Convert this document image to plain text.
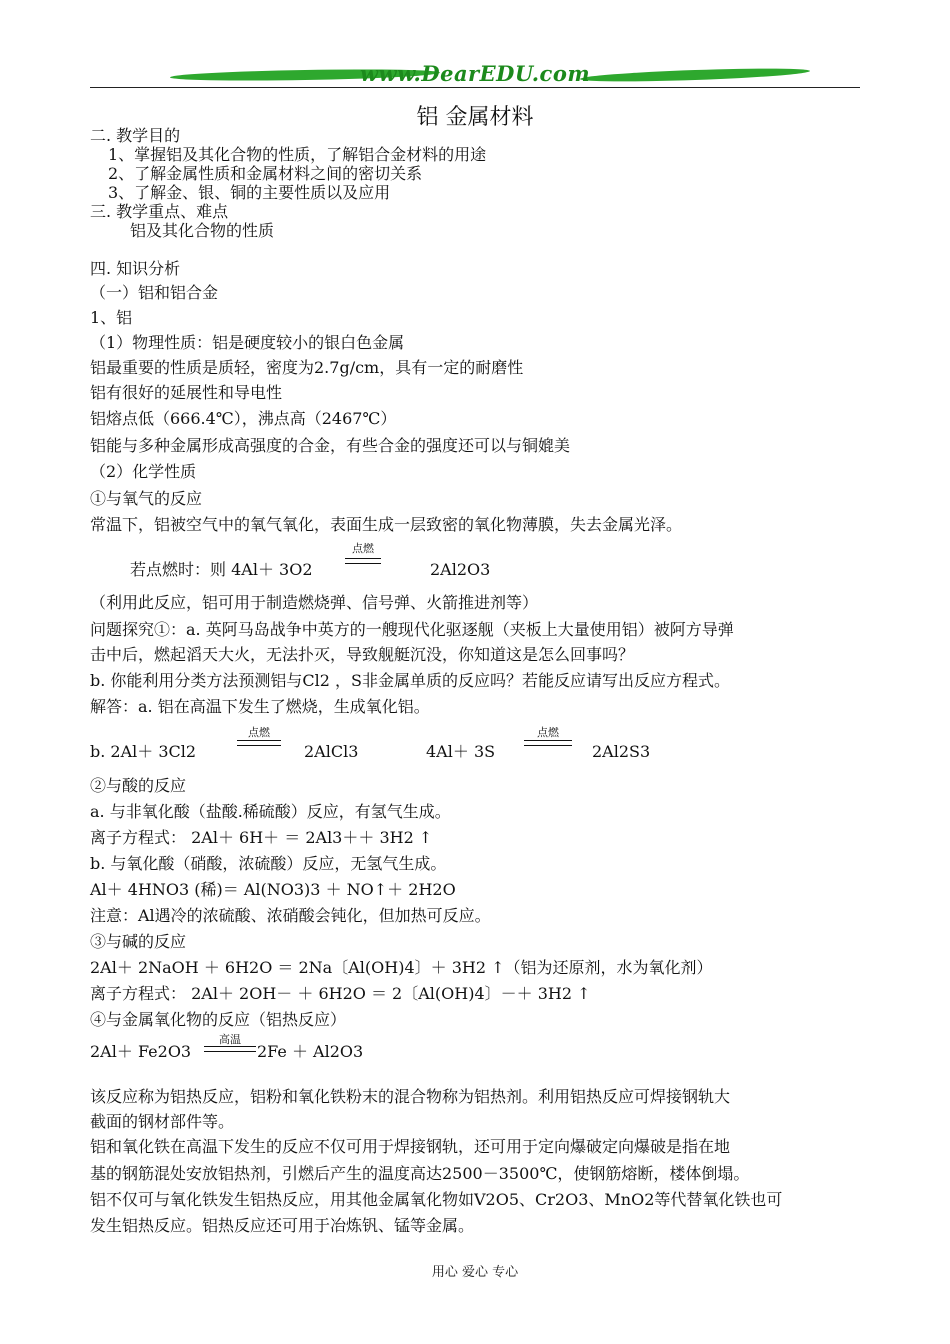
www.DearEDU.com
铝 金属材料
二. 教学目的
1、掌握铝及其化合物的性质，了解铝合金材料的用途
2、了解金属性质和金属材料之间的密切关系
3、了解金、银、铜的主要性质以及应用
三. 教学重点、难点
铝及其化合物的性质
四. 知识分析
（一）铝和铝合金
1、铝
（1）物理性质：铝是硬度较小的银白色金属
铝最重要的性质是质轻，密度为2.7g/cm，具有一定的耐磨性
铝有很好的延展性和导电性
铝熔点低（666.4℃），沸点高（2467℃）
铝能与多种金属形成高强度的合金，有些合金的强度还可以与铜媲美
（2）化学性质
①与氧气的反应
常温下，铝被空气中的氧气氧化，表面生成一层致密的氧化物薄膜，失去金属光泽。
若点燃时：则 4Al＋ 3O2
点燃
2Al2O3
（利用此反应，铝可用于制造燃烧弹、信号弹、火箭推进剂等）
问题探究①：a. 英阿马岛战争中英方的一艘现代化驱逐舰（夹板上大量使用铝）被阿方导弹
击中后，燃起滔天大火，无法扑灭，导致舰艇沉没，你知道这是怎么回事吗？
b. 你能利用分类方法预测铝与Cl2 ，S非金属单质的反应吗？若能反应请写出反应方程式。
解答：a. 铝在高温下发生了燃烧，生成氧化铝。
b. 2Al＋ 3Cl2
点燃
2AlCl3	4Al＋ 3S
点燃
2Al2S3
②与酸的反应
a. 与非氧化酸（盐酸.稀硫酸）反应，有氢气生成。
离子方程式： 2Al＋ 6H＋ ＝ 2Al3＋＋ 3H2 ↑
b. 与氧化酸（硝酸，浓硫酸）反应，无氢气生成。
Al＋ 4HNO3 (稀)＝ Al(NO3)3 ＋ NO↑＋ 2H2O
注意：Al遇冷的浓硫酸、浓硝酸会钝化，但加热可反应。
③与碱的反应
2Al＋ 2NaOH ＋ 6H2O ＝ 2Na〔Al(OH)4〕＋ 3H2 ↑（铝为还原剂，水为氧化剂）
离子方程式： 2Al＋ 2OH－ ＋ 6H2O ＝ 2〔Al(OH)4〕－＋ 3H2 ↑
④与金属氧化物的反应（铝热反应）
2Al＋ Fe2O3
高温
2Fe ＋ Al2O3
该反应称为铝热反应，铝粉和氧化铁粉末的混合物称为铝热剂。利用铝热反应可焊接钢轨大
截面的钢材部件等。
铝和氧化铁在高温下发生的反应不仅可用于焊接钢轨，还可用于定向爆破定向爆破是指在地
基的钢筋混处安放铝热剂，引燃后产生的温度高达2500－3500℃，使钢筋熔断，楼体倒塌。
铝不仅可与氧化铁发生铝热反应，用其他金属氧化物如V2O5、Cr2O3、MnO2等代替氧化铁也可
发生铝热反应。铝热反应还可用于冶炼钒、锰等金属。
用心 爱心 专心
